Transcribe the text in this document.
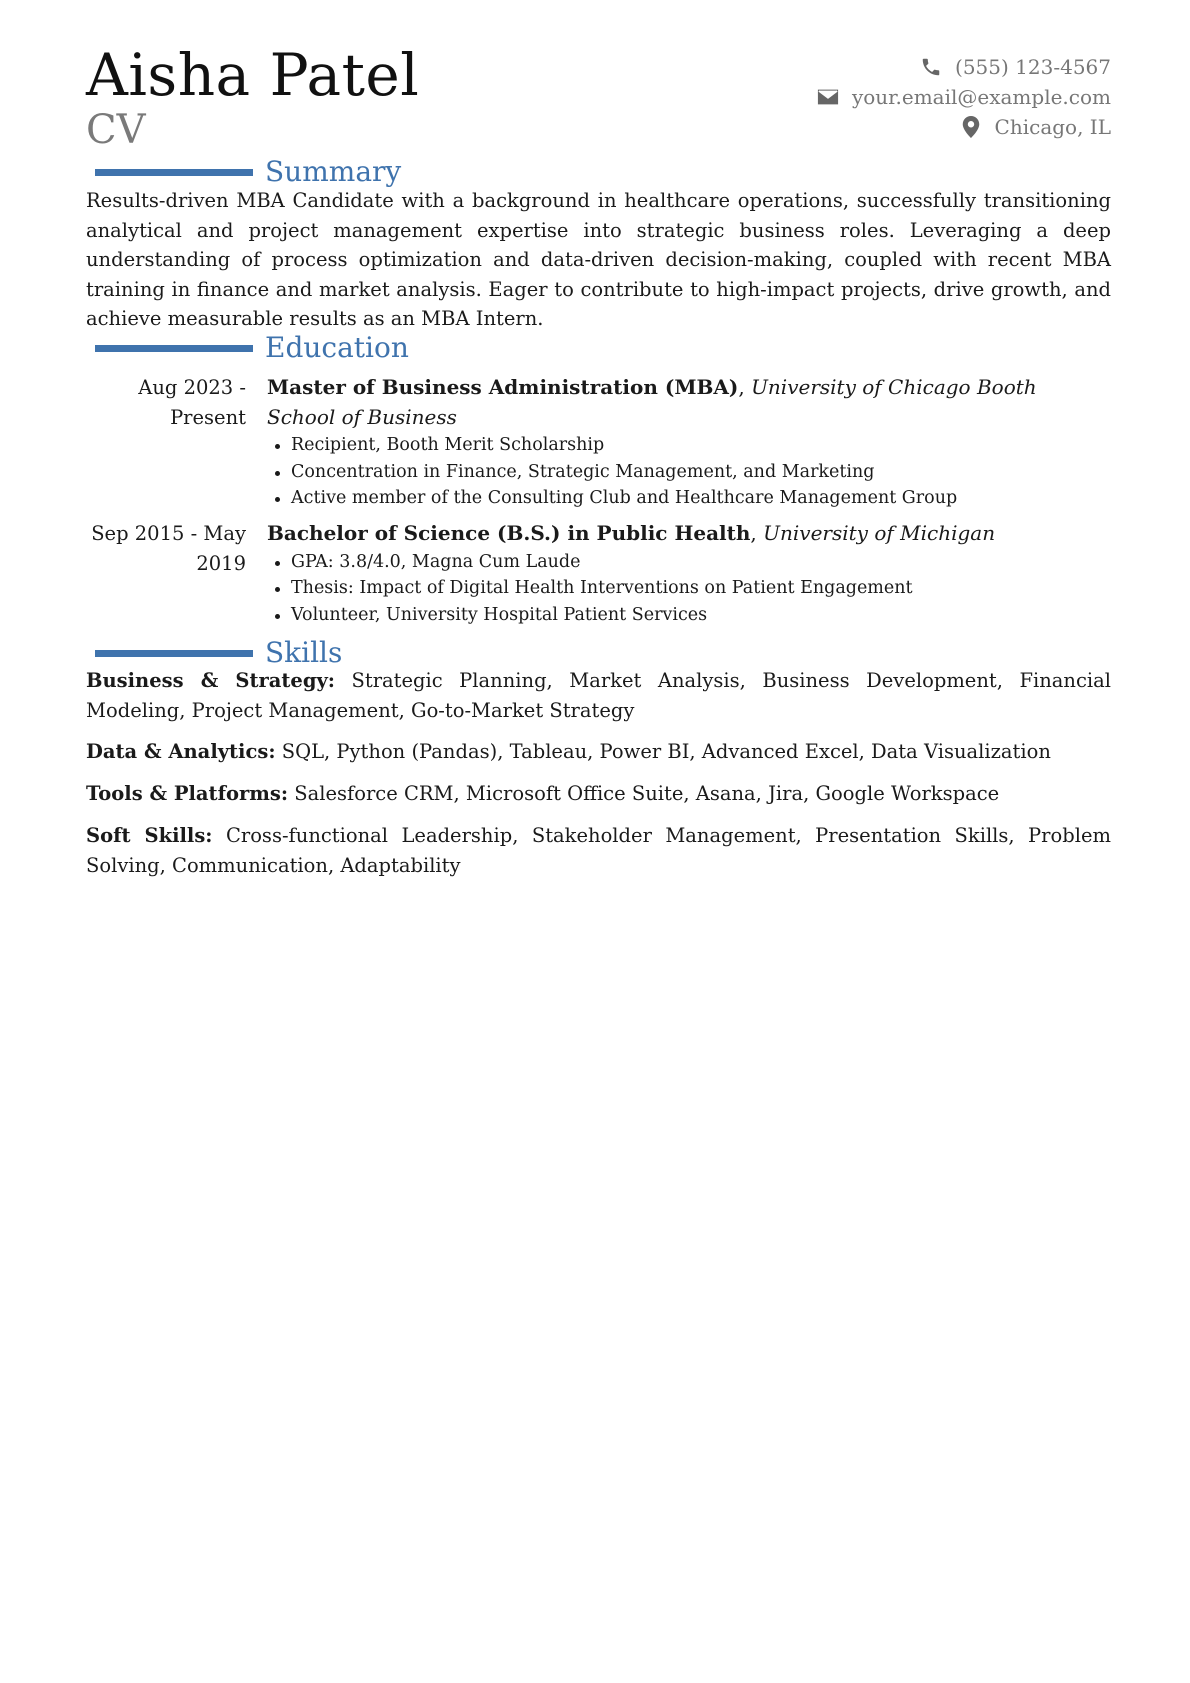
Aisha Patel
CV
(555) 123-4567
your.email@example.com
Chicago, IL
Summary
Results-driven MBA Candidate with a background in healthcare operations, successfully transitioning analytical and project management expertise into strategic business roles. Leveraging a deep understanding of process optimization and data-driven decision-making, coupled with recent MBA training in finance and market analysis. Eager to contribute to high-impact projects, drive growth, and achieve measurable results as an MBA Intern.
Education
Aug 2023 - Present
Master of Business Administration (MBA), University of Chicago Booth School of Business
Recipient, Booth Merit Scholarship
Concentration in Finance, Strategic Management, and Marketing
Active member of the Consulting Club and Healthcare Management Group
Sep 2015 - May 2019
Bachelor of Science (B.S.) in Public Health, University of Michigan
GPA: 3.8/4.0, Magna Cum Laude
Thesis: Impact of Digital Health Interventions on Patient Engagement
Volunteer, University Hospital Patient Services
Skills
Business & Strategy: Strategic Planning, Market Analysis, Business Development, Financial Modeling, Project Management, Go-to-Market Strategy
Data & Analytics: SQL, Python (Pandas), Tableau, Power BI, Advanced Excel, Data Visualization
Tools & Platforms: Salesforce CRM, Microsoft Office Suite, Asana, Jira, Google Workspace
Soft Skills: Cross-functional Leadership, Stakeholder Management, Presentation Skills, Problem Solving, Communication, Adaptability
